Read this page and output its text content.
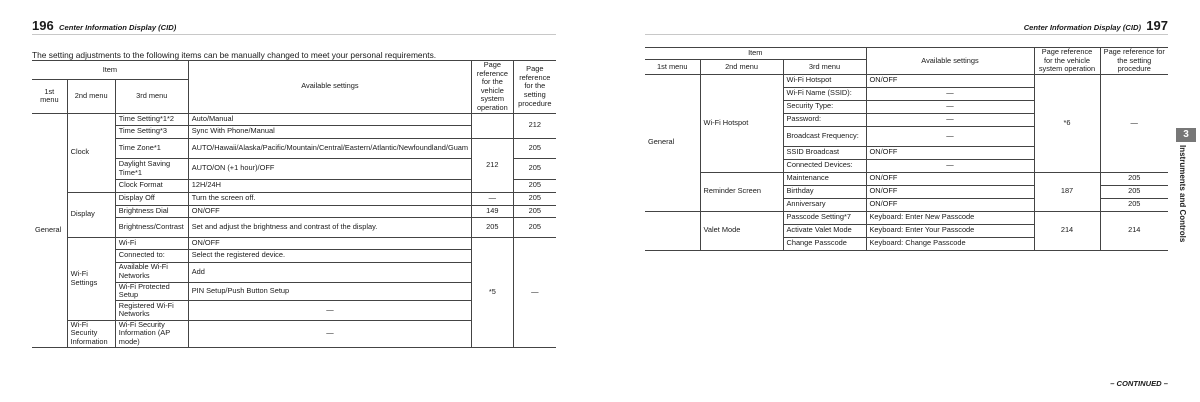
196 Center Information Display (CID)
The setting adjustments to the following items can be manually changed to meet your personal requirements.
Item			Available settings	Page reference for the vehicle system operation	Page reference for the setting procedure
1st menu	2nd menu	3rd menu			
General	Clock	Time Setting*1*2	Auto/Manual		212
		Time Setting*3	Sync With Phone/Manual		
		Time Zone*1	AUTO/Hawaii/Alaska/Pacific/Mountain/Central/Eastern/Atlantic/Newfoundland/Guam	212	205
		Daylight Saving Time*1	AUTO/ON (+1 hour)/OFF		205
		Clock Format	12H/24H		205
	Display	Display Off	Turn the screen off.	—	205
		Brightness Dial	ON/OFF	149	205
		Brightness/Contrast	Set and adjust the brightness and contrast of the display.	205	205
	Wi-Fi Settings	Wi-Fi	ON/OFF	*5	—
		Connected to:	Select the registered device.		
		Available Wi-Fi Networks	Add		
		Wi-Fi Protected Setup	PIN Setup/Push Button Setup		
		Registered Wi-Fi Networks	—		
	Wi-Fi Security Information	Wi-Fi Security Information (AP mode)	—		
Center Information Display (CID) 197
Item			Available settings	Page reference for the vehicle system operation	Page reference for the setting procedure
1st menu	2nd menu	3rd menu			
General	Wi-Fi Hotspot	Wi-Fi Hotspot	ON/OFF	*6	—
		Wi-Fi Name (SSID):	—		
		Security Type:	—		
		Password:	—		
		Broadcast Frequency:	—		
		SSID Broadcast	ON/OFF		
		Connected Devices:	—		
	Reminder Screen	Maintenance	ON/OFF	187	205
		Birthday	ON/OFF		205
		Anniversary	ON/OFF		205
	Valet Mode	Passcode Setting*7	Keyboard: Enter New Passcode	214	214
		Activate Valet Mode	Keyboard: Enter Your Passcode		
		Change Passcode	Keyboard: Change Passcode		
3
Instruments and Controls
– CONTINUED –
